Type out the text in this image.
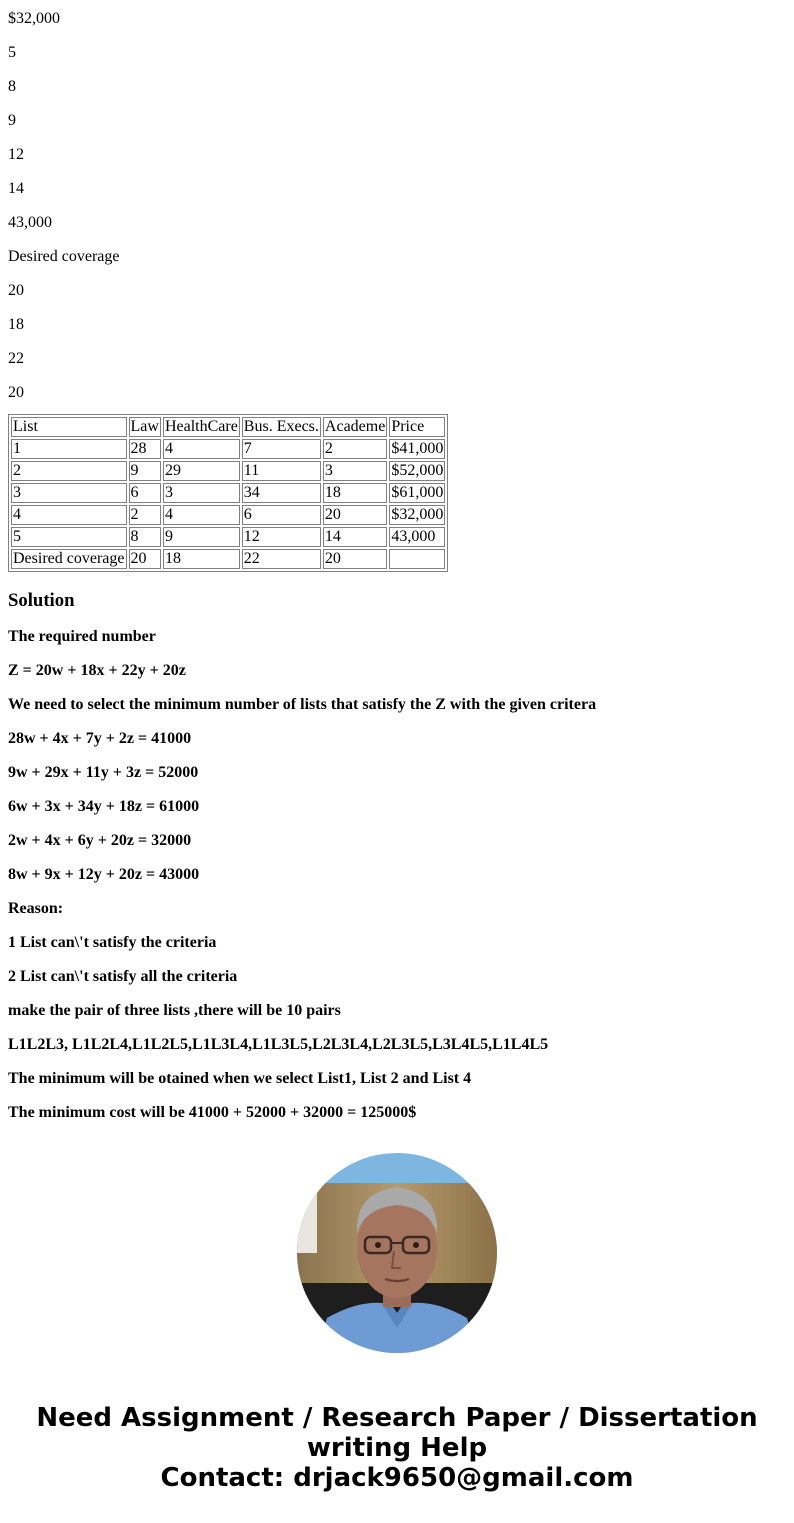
$32,000

5

8

9

12

14

43,000

Desired coverage

20

18

22

20

List	Law	HealthCare	Bus. Execs.	Academe	Price
1	28	4	7	2	$41,000
2	9	29	11	3	$52,000
3	6	3	34	18	$61,000
4	2	4	6	20	$32,000
5	8	9	12	14	43,000
Desired coverage	20	18	22	20	
Solution

The required number

Z = 20w + 18x + 22y + 20z

We need to select the minimum number of lists that satisfy the Z with the given critera

28w + 4x + 7y + 2z = 41000

9w + 29x + 11y + 3z = 52000

6w + 3x + 34y + 18z = 61000

2w + 4x + 6y + 20z = 32000

8w + 9x + 12y + 20z = 43000

Reason:

1 List can\'t satisfy the criteria

2 List can\'t satisfy all the criteria

make the pair of three lists ,there will be 10 pairs

L1L2L3, L1L2L4,L1L2L5,L1L3L4,L1L3L5,L2L3L4,L2L3L5,L3L4L5,L1L4L5

The minimum will be otained when we select List1, List 2 and List 4

The minimum cost will be 41000 + 52000 + 32000 = 125000$

Need Assignment / Research Paper / Dissertation
writing Help
Contact: drjack9650@gmail.com
